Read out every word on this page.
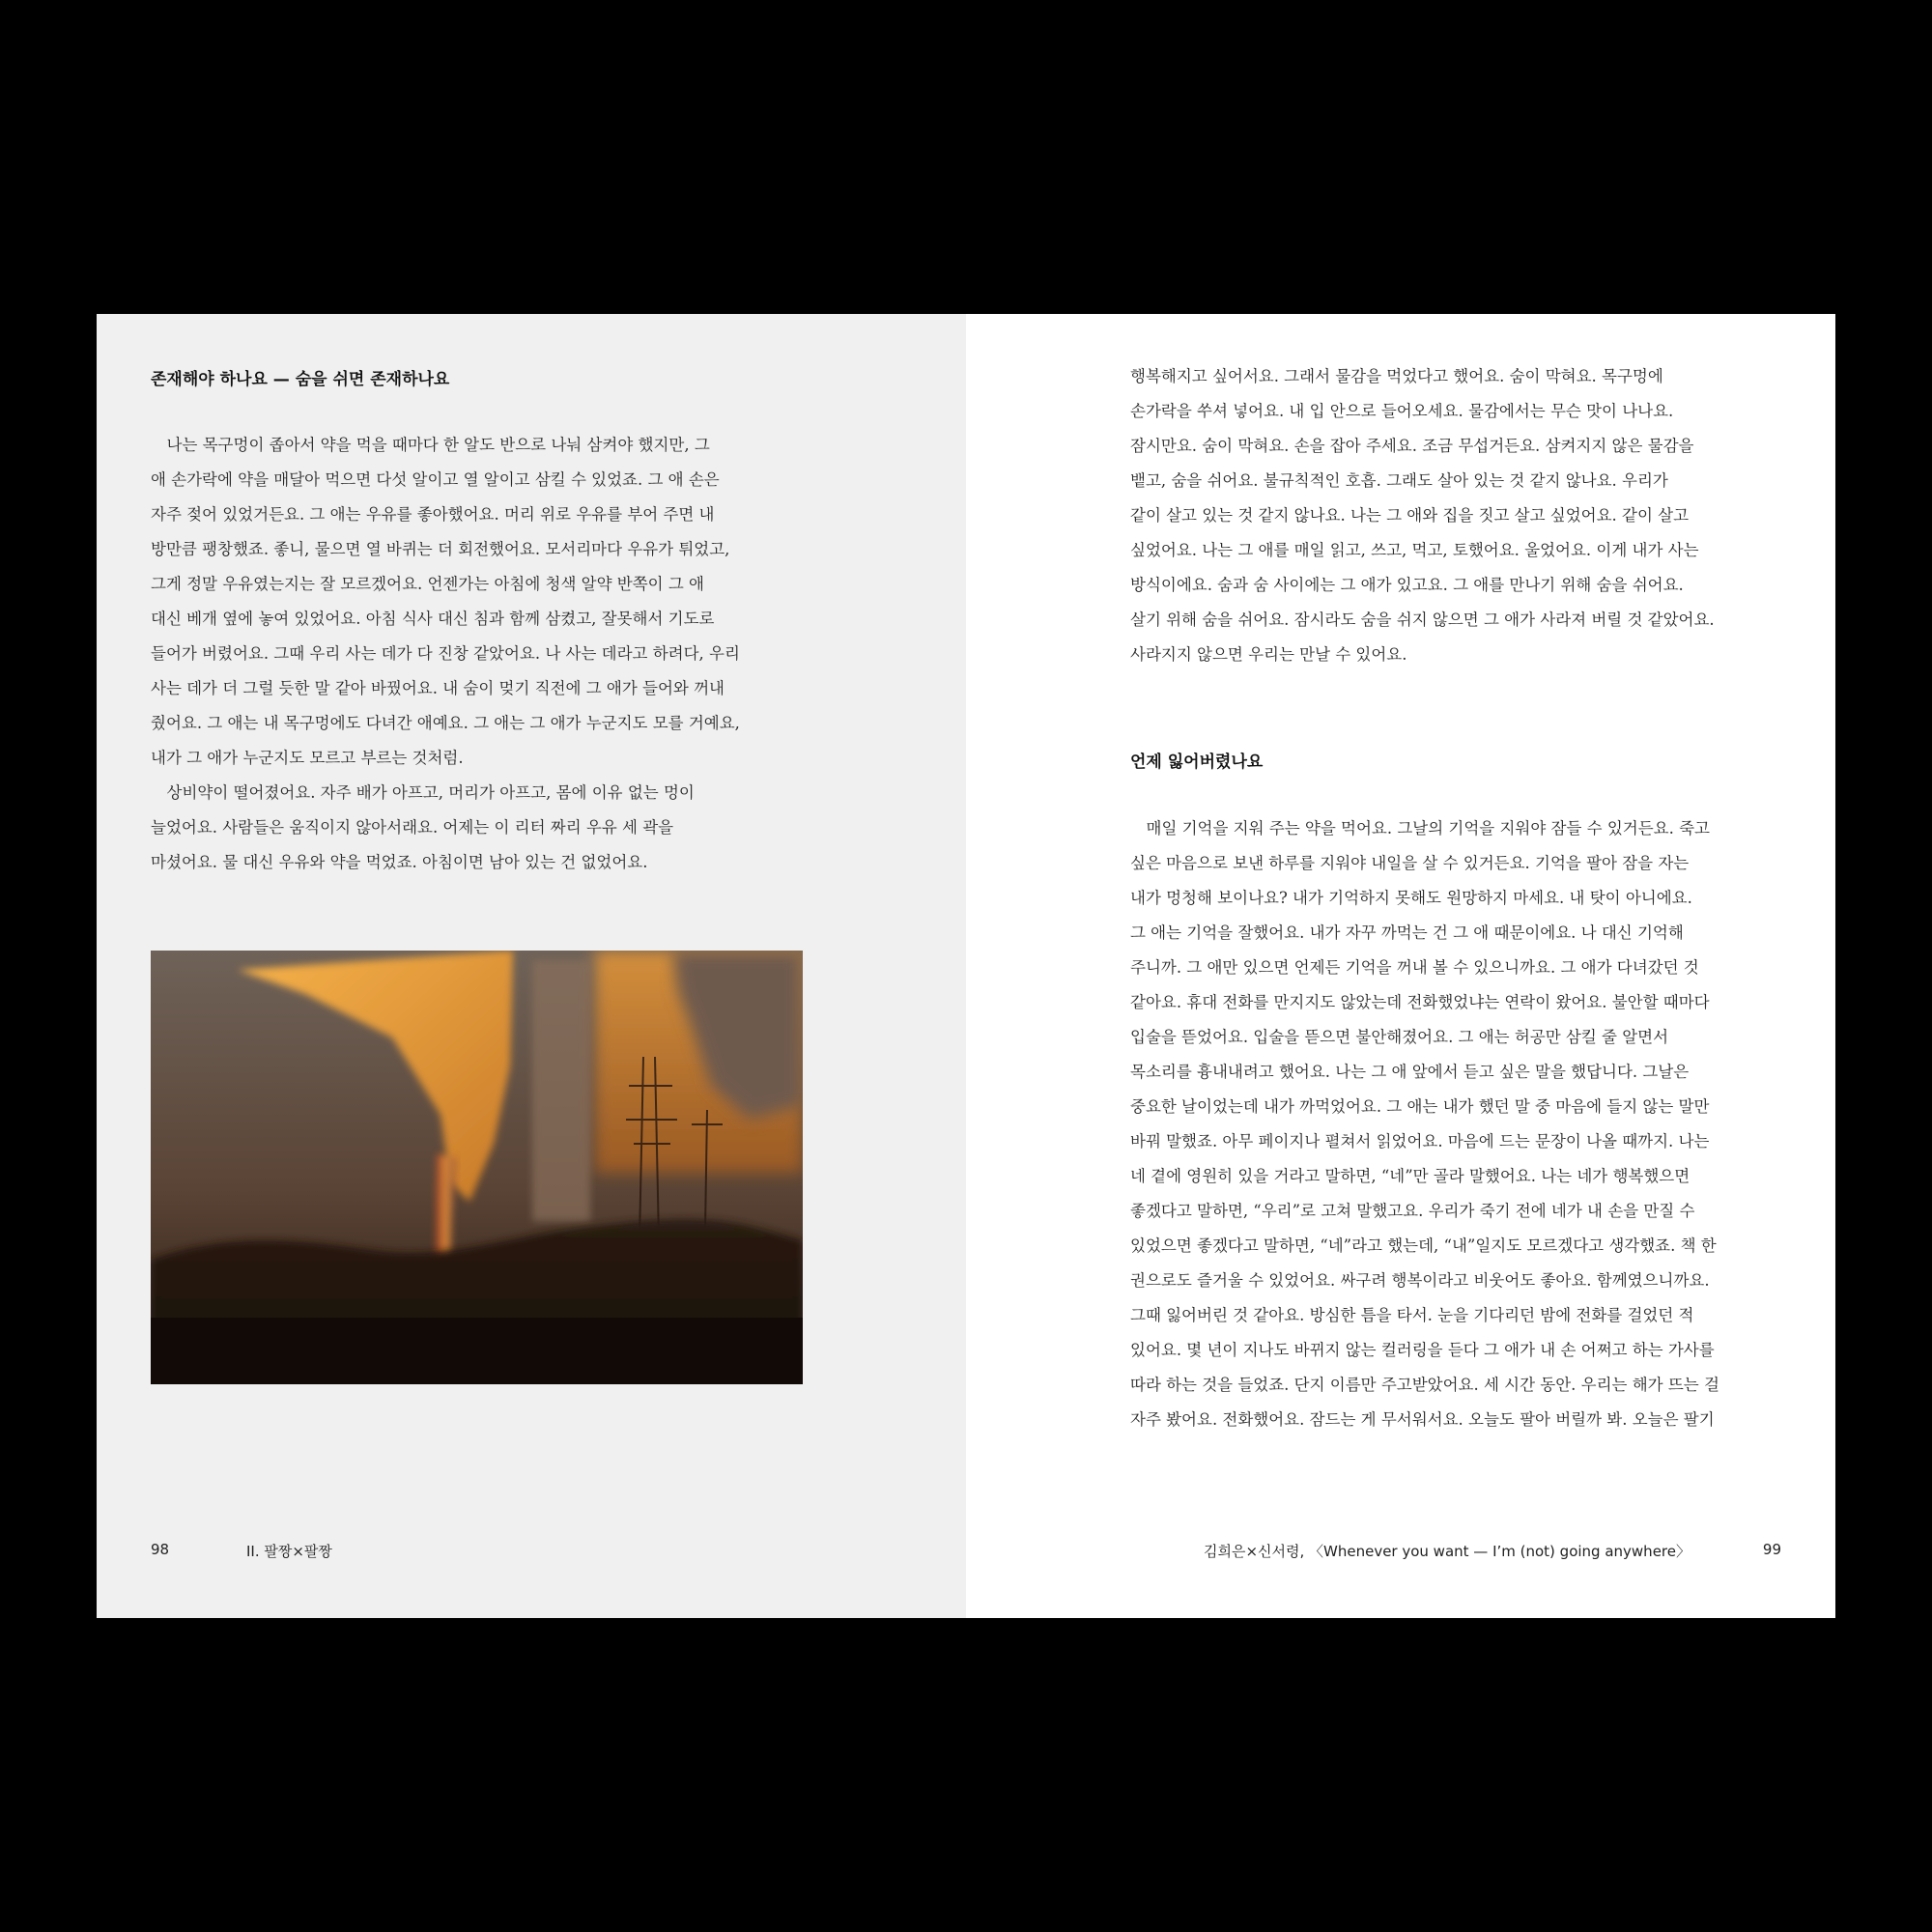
존재해야 하나요 — 숨을 쉬면 존재하나요
　나는 목구멍이 좁아서 약을 먹을 때마다 한 알도 반으로 나눠 삼켜야 했지만, 그
애 손가락에 약을 매달아 먹으면 다섯 알이고 열 알이고 삼킬 수 있었죠. 그 애 손은
자주 젖어 있었거든요. 그 애는 우유를 좋아했어요. 머리 위로 우유를 부어 주면 내
방만큼 팽창했죠. 좋니, 물으면 열 바퀴는 더 회전했어요. 모서리마다 우유가 튀었고,
그게 정말 우유였는지는 잘 모르겠어요. 언젠가는 아침에 청색 알약 반쪽이 그 애
대신 베개 옆에 놓여 있었어요. 아침 식사 대신 침과 함께 삼켰고, 잘못해서 기도로
들어가 버렸어요. 그때 우리 사는 데가 다 진창 같았어요. 나 사는 데라고 하려다, 우리
사는 데가 더 그럴 듯한 말 같아 바꿨어요. 내 숨이 멎기 직전에 그 애가 들어와 꺼내
줬어요. 그 애는 내 목구멍에도 다녀간 애예요. 그 애는 그 애가 누군지도 모를 거예요,
내가 그 애가 누군지도 모르고 부르는 것처럼.
　상비약이 떨어졌어요. 자주 배가 아프고, 머리가 아프고, 몸에 이유 없는 멍이
늘었어요. 사람들은 움직이지 않아서래요. 어제는 이 리터 짜리 우유 세 곽을
마셨어요. 물 대신 우유와 약을 먹었죠. 아침이면 남아 있는 건 없었어요.
98	II. 팔짱×팔짱
행복해지고 싶어서요. 그래서 물감을 먹었다고 했어요. 숨이 막혀요. 목구멍에
손가락을 쑤셔 넣어요. 내 입 안으로 들어오세요. 물감에서는 무슨 맛이 나나요.
잠시만요. 숨이 막혀요. 손을 잡아 주세요. 조금 무섭거든요. 삼켜지지 않은 물감을
뱉고, 숨을 쉬어요. 불규칙적인 호흡. 그래도 살아 있는 것 같지 않나요. 우리가
같이 살고 있는 것 같지 않나요. 나는 그 애와 집을 짓고 살고 싶었어요. 같이 살고
싶었어요. 나는 그 애를 매일 읽고, 쓰고, 먹고, 토했어요. 울었어요. 이게 내가 사는
방식이에요. 숨과 숨 사이에는 그 애가 있고요. 그 애를 만나기 위해 숨을 쉬어요.
살기 위해 숨을 쉬어요. 잠시라도 숨을 쉬지 않으면 그 애가 사라져 버릴 것 같았어요.
사라지지 않으면 우리는 만날 수 있어요.
언제 잃어버렸나요
　매일 기억을 지워 주는 약을 먹어요. 그날의 기억을 지워야 잠들 수 있거든요. 죽고
싶은 마음으로 보낸 하루를 지워야 내일을 살 수 있거든요. 기억을 팔아 잠을 자는
내가 멍청해 보이나요? 내가 기억하지 못해도 원망하지 마세요. 내 탓이 아니에요.
그 애는 기억을 잘했어요. 내가 자꾸 까먹는 건 그 애 때문이에요. 나 대신 기억해
주니까. 그 애만 있으면 언제든 기억을 꺼내 볼 수 있으니까요. 그 애가 다녀갔던 것
같아요. 휴대 전화를 만지지도 않았는데 전화했었냐는 연락이 왔어요. 불안할 때마다
입술을 뜯었어요. 입술을 뜯으면 불안해졌어요. 그 애는 허공만 삼킬 줄 알면서
목소리를 흉내내려고 했어요. 나는 그 애 앞에서 듣고 싶은 말을 했답니다. 그날은
중요한 날이었는데 내가 까먹었어요. 그 애는 내가 했던 말 중 마음에 들지 않는 말만
바꿔 말했죠. 아무 페이지나 펼쳐서 읽었어요. 마음에 드는 문장이 나올 때까지. 나는
네 곁에 영원히 있을 거라고 말하면, “네”만 골라 말했어요. 나는 네가 행복했으면
좋겠다고 말하면, “우리”로 고쳐 말했고요. 우리가 죽기 전에 네가 내 손을 만질 수
있었으면 좋겠다고 말하면, “네”라고 했는데, “내”일지도 모르겠다고 생각했죠. 책 한
권으로도 즐거울 수 있었어요. 싸구려 행복이라고 비웃어도 좋아요. 함께였으니까요.
그때 잃어버린 것 같아요. 방심한 틈을 타서. 눈을 기다리던 밤에 전화를 걸었던 적
있어요. 몇 년이 지나도 바뀌지 않는 컬러링을 듣다 그 애가 내 손 어쩌고 하는 가사를
따라 하는 것을 들었죠. 단지 이름만 주고받았어요. 세 시간 동안. 우리는 해가 뜨는 걸
자주 봤어요. 전화했어요. 잠드는 게 무서워서요. 오늘도 팔아 버릴까 봐. 오늘은 팔기
김희은×신서령, 〈Whenever you want — I’m (not) going anywhere〉	99
